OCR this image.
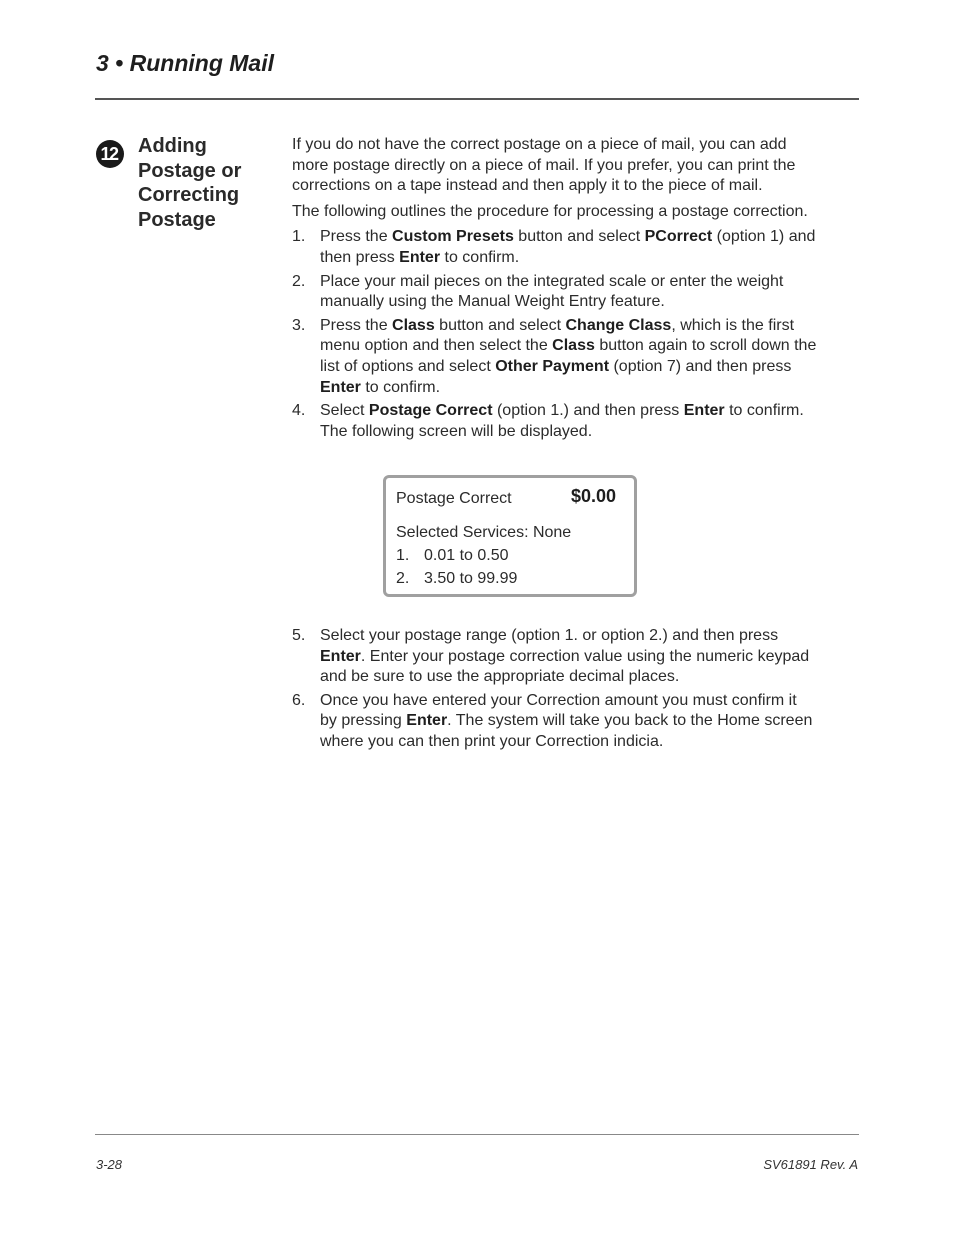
3 • Running Mail
12	Adding
Postage or
Correcting
Postage
If you do not have the correct postage on a piece of mail, you can add
more postage directly on a piece of mail. If you prefer, you can print the
corrections on a tape instead and then apply it to the piece of mail.
The following outlines the procedure for processing a postage correction.
1. Press the Custom Presets button and select PCorrect (option 1) and
then press Enter to confirm.
2. Place your mail pieces on the integrated scale or enter the weight
manually using the Manual Weight Entry feature.
3. Press the Class button and select Change Class, which is the first
menu option and then select the Class button again to scroll down the
list of options and select Other Payment (option 7) and then press
Enter to confirm.
4. Select Postage Correct (option 1.) and then press Enter to confirm.
The following screen will be displayed.
Postage Correct	$0.00
Selected Services: None
1. 0.01 to 0.50
2. 3.50 to 99.99
5. Select your postage range (option 1. or option 2.) and then press
Enter. Enter your postage correction value using the numeric keypad
and be sure to use the appropriate decimal places.
6. Once you have entered your Correction amount you must confirm it
by pressing Enter. The system will take you back to the Home screen
where you can then print your Correction indicia.
3-28	SV61891 Rev. A
